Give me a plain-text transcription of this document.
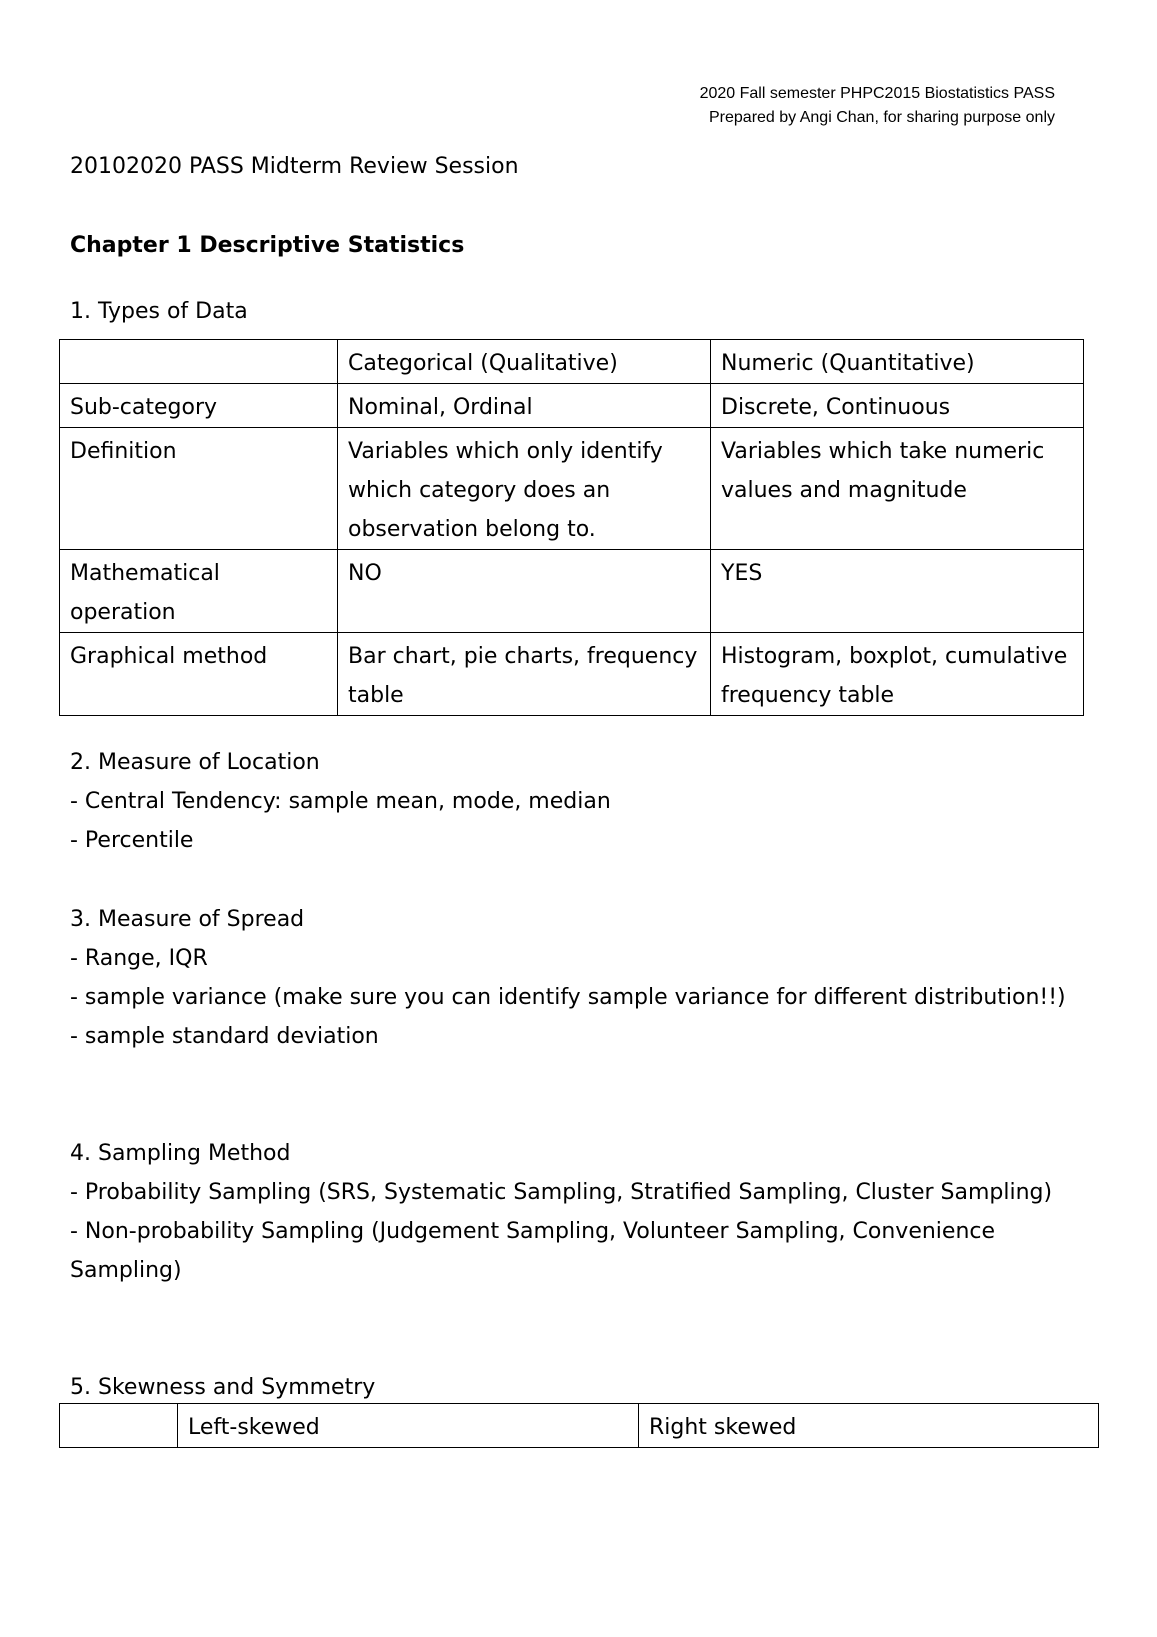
2020 Fall semester PHPC2015 Biostatistics PASS
Prepared by Angi Chan, for sharing purpose only
20102020 PASS Midterm Review Session
Chapter 1 Descriptive Statistics
1. Types of Data
	Categorical (Qualitative)	Numeric (Quantitative)
Sub-category	Nominal, Ordinal	Discrete, Continuous
Definition	Variables which only identify which category does an observation belong to.	Variables which take numeric values and magnitude
Mathematical operation	NO	YES
Graphical method	Bar chart, pie charts, frequency table	Histogram, boxplot, cumulative frequency table
2. Measure of Location
- Central Tendency: sample mean, mode, median
- Percentile
3. Measure of Spread
- Range, IQR
- sample variance (make sure you can identify sample variance for different distribution!!)
- sample standard deviation
4. Sampling Method
- Probability Sampling (SRS, Systematic Sampling, Stratified Sampling, Cluster Sampling)
- Non-probability Sampling (Judgement Sampling, Volunteer Sampling, Convenience Sampling)
5. Skewness and Symmetry
	Left-skewed	Right skewed
